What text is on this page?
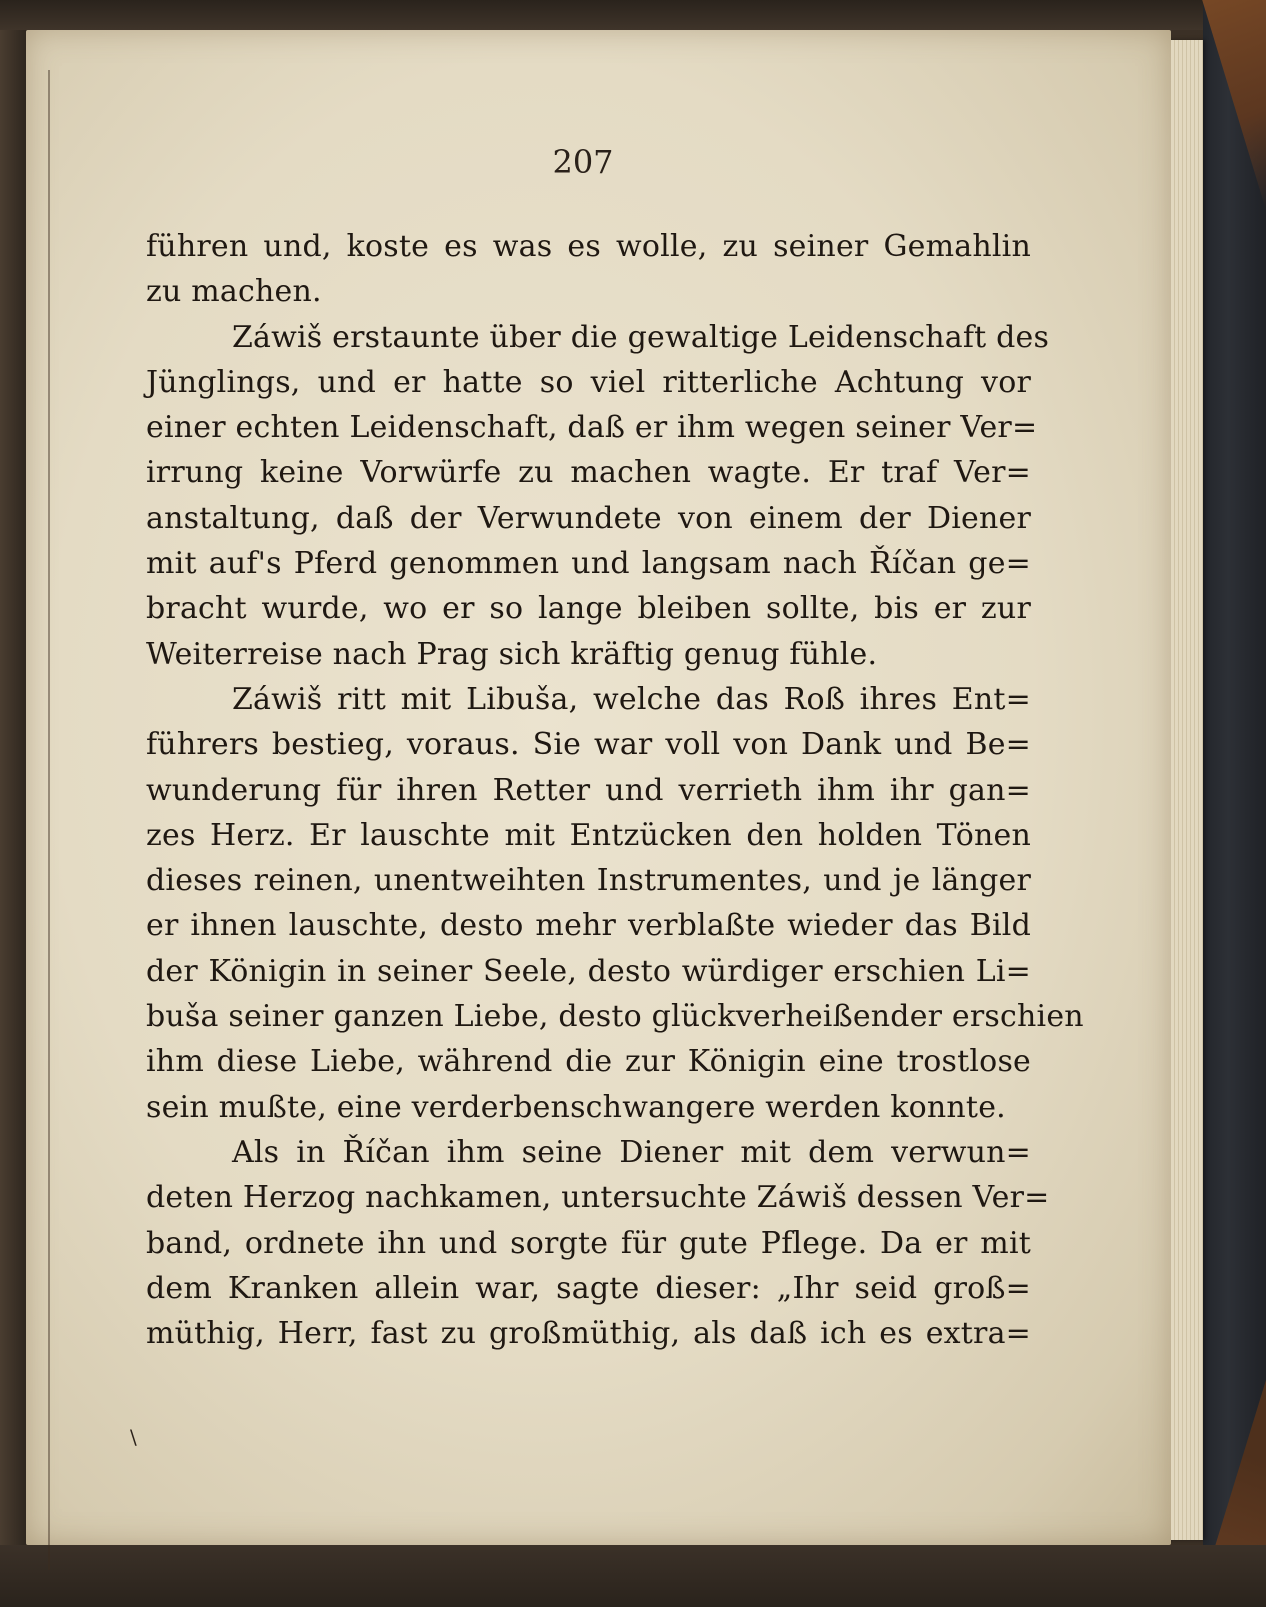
207
führen und, koste es was es wolle, zu seiner Gemahlin
zu machen.
Záwiš erstaunte über die gewaltige Leidenschaft des
Jünglings, und er hatte so viel ritterliche Achtung vor
einer echten Leidenschaft, daß er ihm wegen seiner Ver=
irrung keine Vorwürfe zu machen wagte. Er traf Ver=
anstaltung, daß der Verwundete von einem der Diener
mit auf's Pferd genommen und langsam nach Říčan ge=
bracht wurde, wo er so lange bleiben sollte, bis er zur
Weiterreise nach Prag sich kräftig genug fühle.
Záwiš ritt mit Libuša, welche das Roß ihres Ent=
führers bestieg, voraus. Sie war voll von Dank und Be=
wunderung für ihren Retter und verrieth ihm ihr gan=
zes Herz. Er lauschte mit Entzücken den holden Tönen
dieses reinen, unentweihten Instrumentes, und je länger
er ihnen lauschte, desto mehr verblaßte wieder das Bild
der Königin in seiner Seele, desto würdiger erschien Li=
buša seiner ganzen Liebe, desto glückverheißender erschien
ihm diese Liebe, während die zur Königin eine trostlose
sein mußte, eine verderbenschwangere werden konnte.
Als in Říčan ihm seine Diener mit dem verwun=
deten Herzog nachkamen, untersuchte Záwiš dessen Ver=
band, ordnete ihn und sorgte für gute Pflege. Da er mit
dem Kranken allein war, sagte dieser: „Ihr seid groß=
müthig, Herr, fast zu großmüthig, als daß ich es extra=
\
